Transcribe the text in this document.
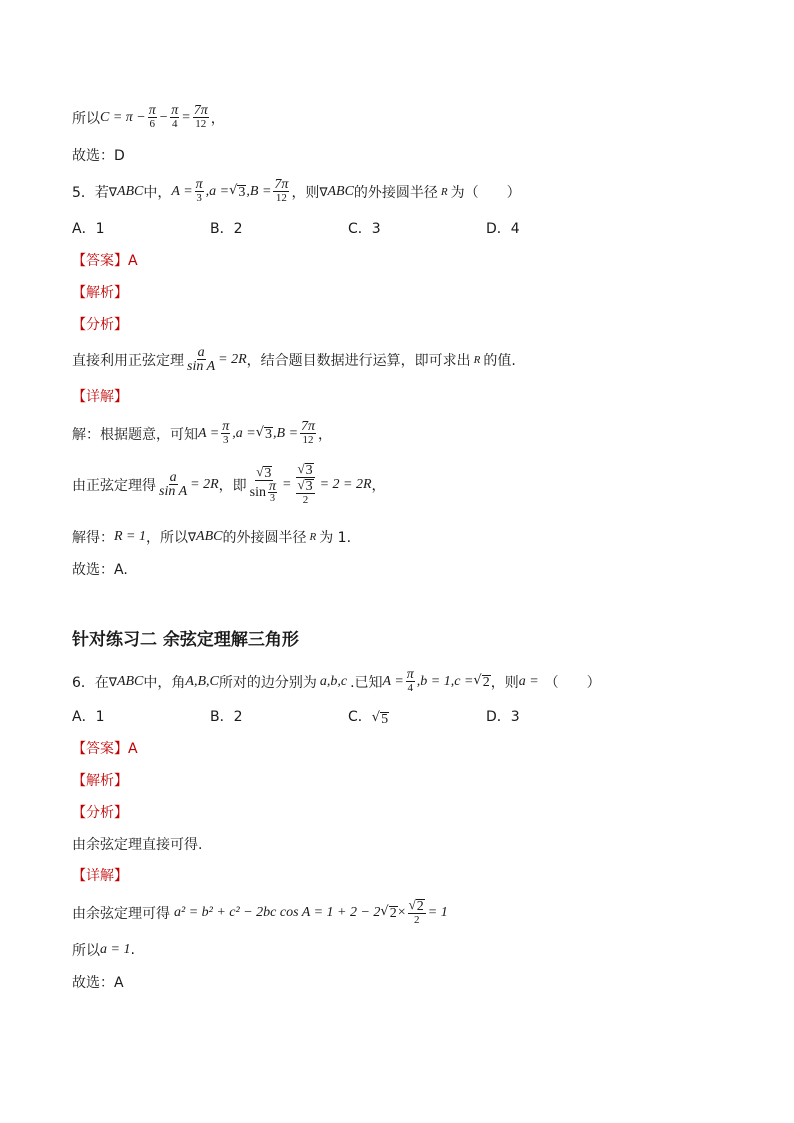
所以 $C = \pi - \frac{\pi}{6} - \frac{\pi}{4} = \frac{7\pi}{12}$ ，
故选：D
5．若 ∇ ABC 中， $A = \frac{\pi}{3} ,a$ = √ 3 $,B = \frac{7\pi}{12}$ ，则 ∇ ABC 的外接圆半径 R 为（　　）
A．1	B．2	C．3	D．4
【答案】A
【解析】
【分析】
直接利用正弦定理 $\frac{a}{\text{sin A}} = 2R$ ，结合题目数据进行运算，即可求出 R 的值.
【详解】
解：根据题意，可知 $A = \frac{\pi}{3} ,a$ = √ 3 $,B = \frac{7\pi}{12}$ ，
由正弦定理得 $\frac{a}{\text{sin A}} = 2R$ ，即 $\frac{√ 3}{\sin \frac{\pi}{3}} = \frac{√ 3}{\frac{√ 3}{2}} = 2 = 2R$ ，
解得： R = 1 ，所以 ∇ ABC 的外接圆半径 R 为 1.
故选：A.
针对练习二 余弦定理解三角形
6．在 ∇ ABC 中，角 A,B,C 所对的边分别为 a,b,c .已知 $A = \frac{\pi}{4} ,b = 1,c$ = √ 2 ，则 a = （　　）
A．1	B．2	C． √ 5	D．3
【答案】A
【解析】
【分析】
由余弦定理直接可得.
【详解】
由余弦定理可得 a² = b² + c² − 2bc cos A = 1 + 2 − 2 √ $2 \times \frac{√ 2}{2} = 1$
所以 a = 1 .
故选：A
